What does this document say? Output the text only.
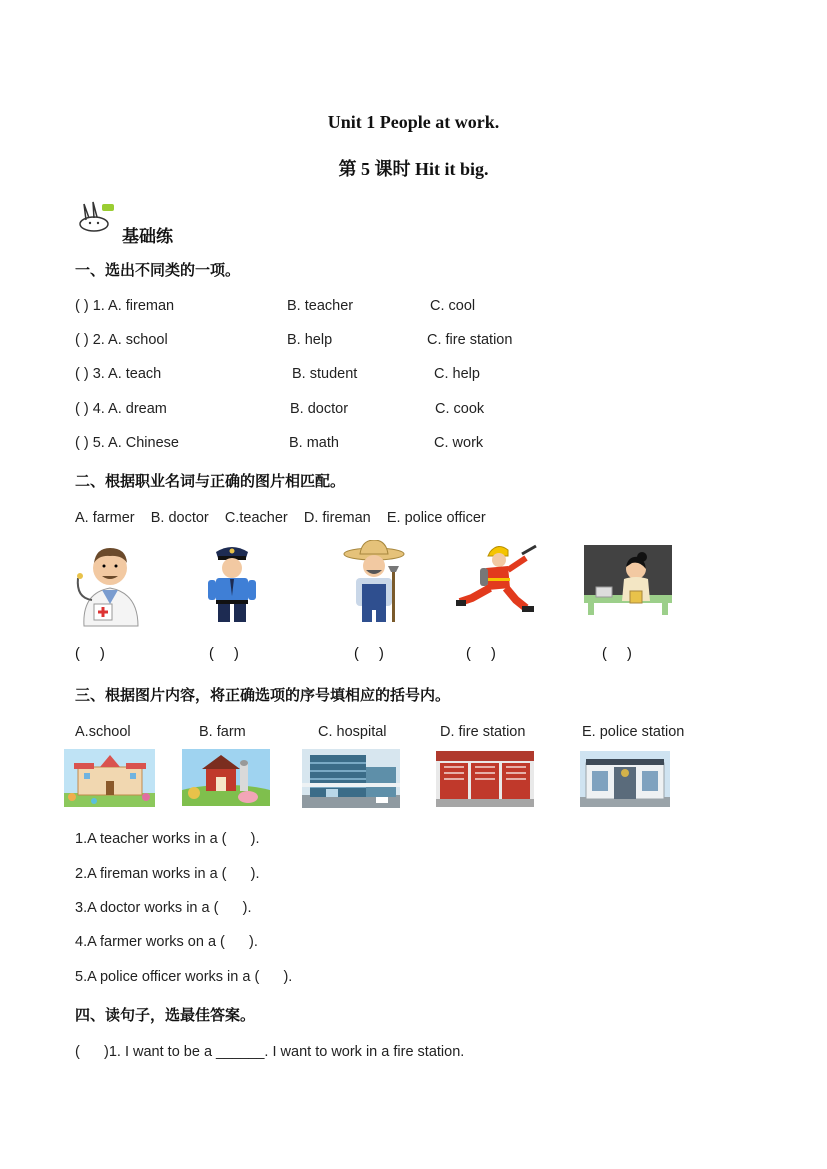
Unit 1 People at work.
第 5 课时 Hit it big.
基础练
一、选出不同类的一项。
( ) 1. A. fireman	B. teacher	C. cool
( ) 2. A. school	B. help	C. fire station
( ) 3. A. teach	B. student	C. help
( ) 4. A. dream	B. doctor	C. cook
( ) 5. A. Chinese	B. math	C. work
二、根据职业名词与正确的图片相匹配。
A. farmer    B. doctor    C.teacher    D. fireman    E. police officer
(     )	(     )	(     )	(     )	(     )
三、根据图片内容，将正确选项的序号填相应的括号内。
A.school	B. farm	C. hospital	D. fire station	E. police station
1.A teacher works in a (      ).
2.A fireman works in a (      ).
3.A doctor works in a (      ).
4.A farmer works on a (      ).
5.A police officer works in a (      ).
四、读句子，选最佳答案。
(      )1. I want to be a ______. I want to work in a fire station.
